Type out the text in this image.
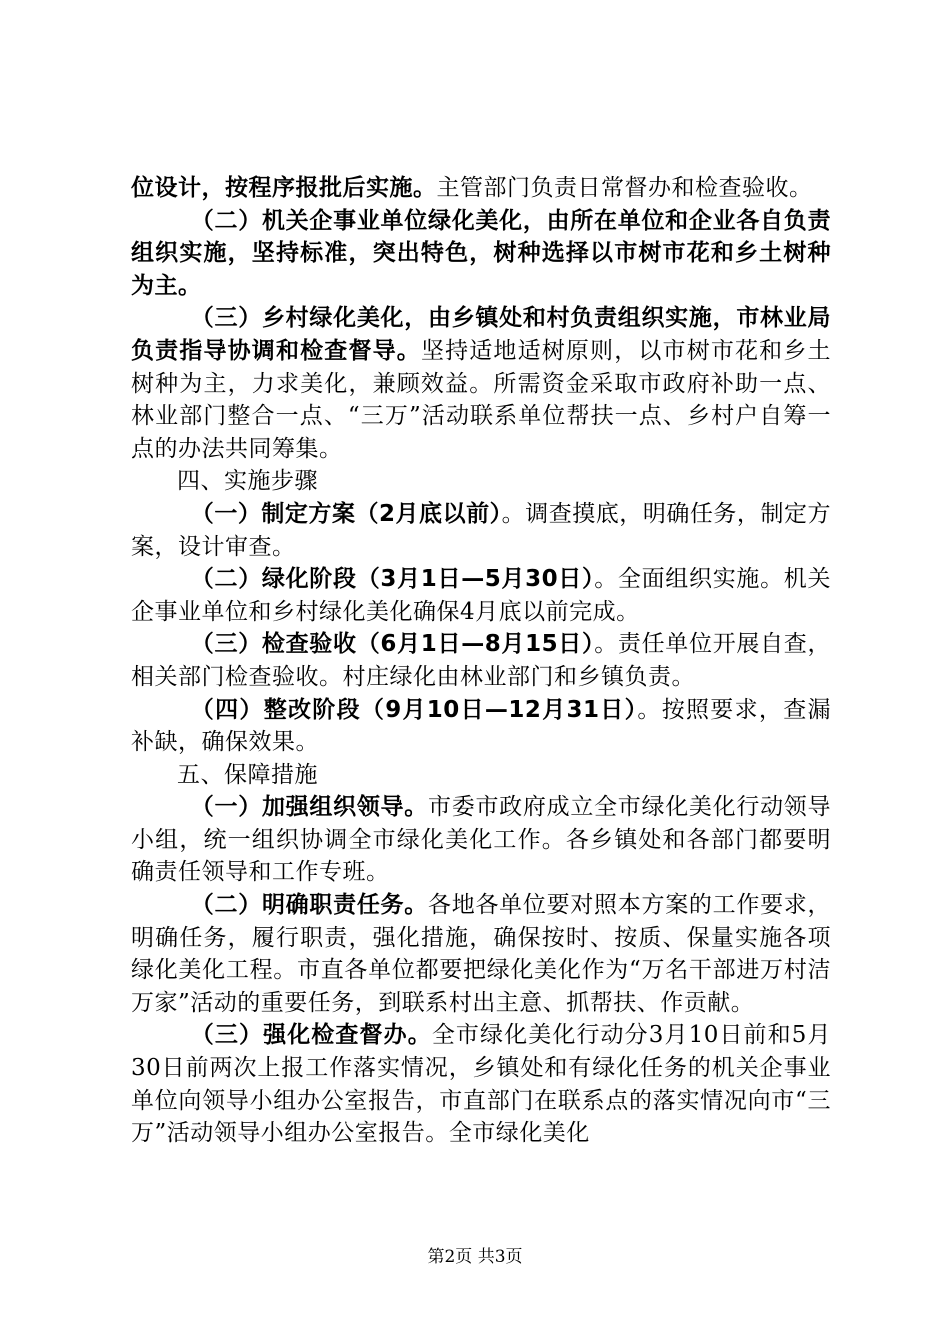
位设计，按程序报批后实施。主管部门负责日常督办和检查验收。

（二）机关企事业单位绿化美化，由所在单位和企业各自负责组织实施，坚持标准，突出特色，树种选择以市树市花和乡土树种为主。

（三）乡村绿化美化，由乡镇处和村负责组织实施，市林业局负责指导协调和检查督导。坚持适地适树原则，以市树市花和乡土树种为主，力求美化，兼顾效益。所需资金采取市政府补助一点、林业部门整合一点、“三万”活动联系单位帮扶一点、乡村户自筹一点的办法共同筹集。

四、实施步骤

（一）制定方案（2月底以前）。调查摸底，明确任务，制定方案，设计审查。

（二）绿化阶段（3月1日—5月30日）。全面组织实施。机关企事业单位和乡村绿化美化确保4月底以前完成。

（三）检查验收（6月1日—8月15日）。责任单位开展自查，相关部门检查验收。村庄绿化由林业部门和乡镇负责。

（四）整改阶段（9月10日—12月31日）。按照要求，查漏补缺，确保效果。

五、保障措施

（一）加强组织领导。市委市政府成立全市绿化美化行动领导小组，统一组织协调全市绿化美化工作。各乡镇处和各部门都要明确责任领导和工作专班。

（二）明确职责任务。各地各单位要对照本方案的工作要求，明确任务，履行职责，强化措施，确保按时、按质、保量实施各项绿化美化工程。市直各单位都要把绿化美化作为“万名干部进万村洁万家”活动的重要任务，到联系村出主意、抓帮扶、作贡献。

（三）强化检查督办。全市绿化美化行动分3月10日前和5月30日前两次上报工作落实情况，乡镇处和有绿化任务的机关企事业单位向领导小组办公室报告，市直部门在联系点的落实情况向市“三万”活动领导小组办公室报告。全市绿化美化

第2页 共3页
